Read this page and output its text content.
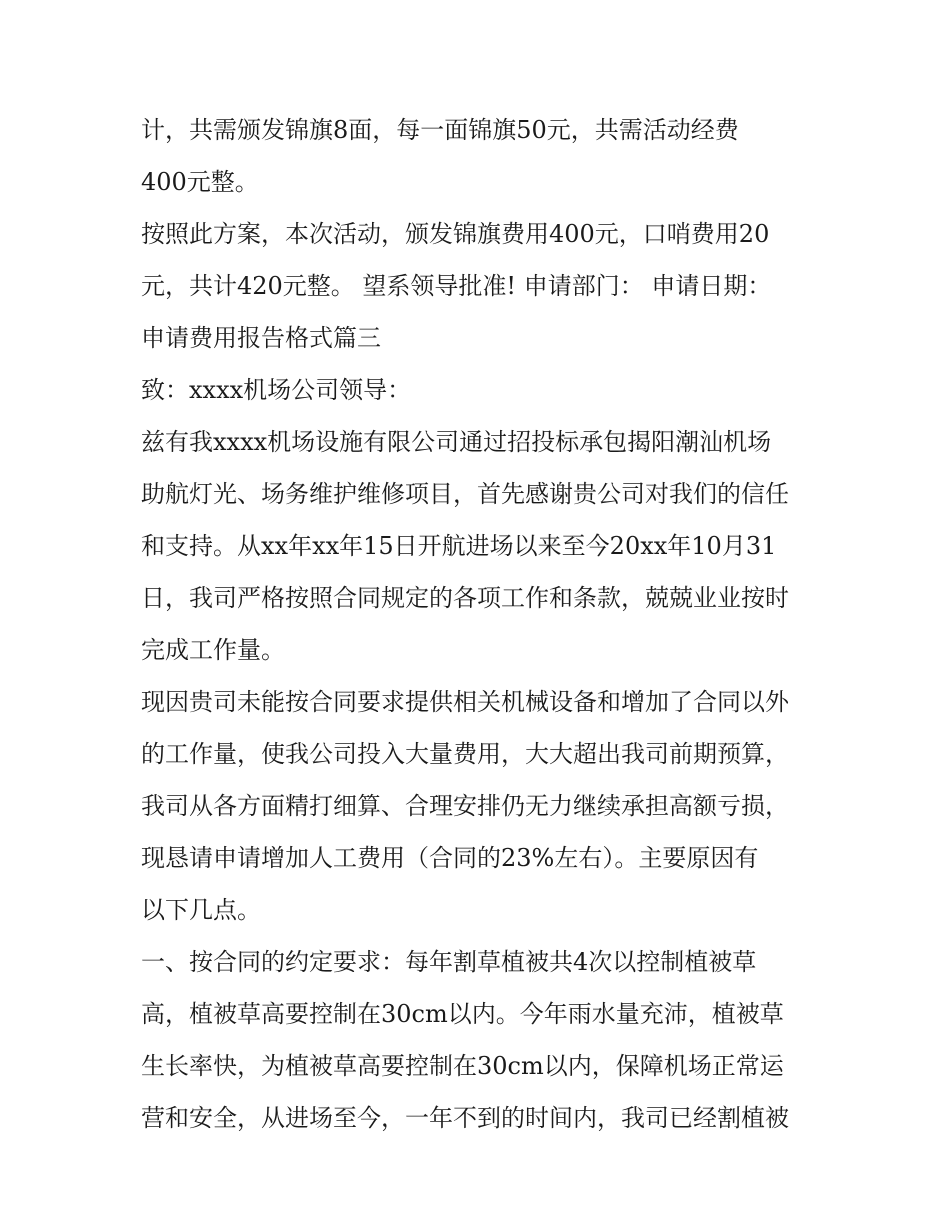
计，共需颁发锦旗8面，每一面锦旗50元，共需活动经费
400元整。
按照此方案，本次活动，颁发锦旗费用400元，口哨费用20
元，共计420元整。 望系领导批准! 申请部门： 申请日期：
申请费用报告格式篇三
致：xxxx机场公司领导：
兹有我xxxx机场设施有限公司通过招投标承包揭阳潮汕机场
助航灯光、场务维护维修项目，首先感谢贵公司对我们的信任
和支持。从xx年xx年15日开航进场以来至今20xx年10月31
日，我司严格按照合同规定的各项工作和条款，兢兢业业按时
完成工作量。
现因贵司未能按合同要求提供相关机械设备和增加了合同以外
的工作量，使我公司投入大量费用，大大超出我司前期预算，
我司从各方面精打细算、合理安排仍无力继续承担高额亏损，
现恳请申请增加人工费用（合同的23%左右）。主要原因有
以下几点。
一、按合同的约定要求：每年割草植被共4次以控制植被草
高，植被草高要控制在30cm以内。今年雨水量充沛，植被草
生长率快，为植被草高要控制在30cm以内，保障机场正常运
营和安全，从进场至今，一年不到的时间内，我司已经割植被
